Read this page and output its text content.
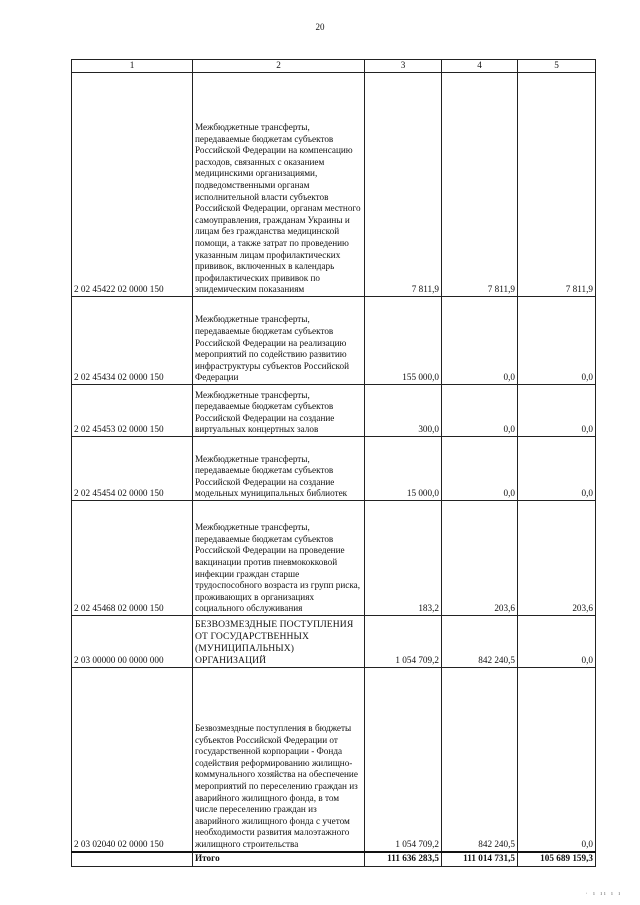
20
1	2	3	4	5
2 02 45422 02 0000 150	Межбюджетные трансферты, передаваемые бюджетам субъектов Российской Федерации на компенсацию расходов, связанных с оказанием медицинскими организациями, подведомственными органам исполнительной власти субъектов Российской Федерации, органам местного самоуправления, гражданам Украины и лицам без гражданства медицинской помощи, а также затрат по проведению указанным лицам профилактических прививок, включенных в календарь профилактических прививок по эпидемическим показаниям	7 811,9	7 811,9	7 811,9
2 02 45434 02 0000 150	Межбюджетные трансферты, передаваемые бюджетам субъектов Российской Федерации на реализацию мероприятий по содействию развитию инфраструктуры субъектов Российской Федерации	155 000,0	0,0	0,0
2 02 45453 02 0000 150	Межбюджетные трансферты, передаваемые бюджетам субъектов Российской Федерации на создание виртуальных концертных залов	300,0	0,0	0,0
2 02 45454 02 0000 150	Межбюджетные трансферты, передаваемые бюджетам субъектов Российской Федерации на создание модельных муниципальных библиотек	15 000,0	0,0	0,0
2 02 45468 02 0000 150	Межбюджетные трансферты, передаваемые бюджетам субъектов Российской Федерации на проведение вакцинации против пневмококковой инфекции граждан старше трудоспособного возраста из групп риска, проживающих в организациях социального обслуживания	183,2	203,6	203,6
2 03 00000 00 0000 000	БЕЗВОЗМЕЗДНЫЕ ПОСТУПЛЕНИЯ ОТ ГОСУДАРСТВЕННЫХ (МУНИЦИПАЛЬНЫХ) ОРГАНИЗАЦИЙ	1 054 709,2	842 240,5	0,0
2 03 02040 02 0000 150	Безвозмездные поступления в бюджеты субъектов Российской Федерации от государственной корпорации - Фонда содействия реформированию жилищно-коммунального хозяйства на обеспечение мероприятий по переселению граждан из аварийного жилищного фонда, в том числе переселению граждан из аварийного жилищного фонда с учетом необходимости развития малоэтажного жилищного строительства	1 054 709,2	842 240,5	0,0
	Итого	111 636 283,5	111 014 731,5	105 689 159,3
· ı ıı ı ı
